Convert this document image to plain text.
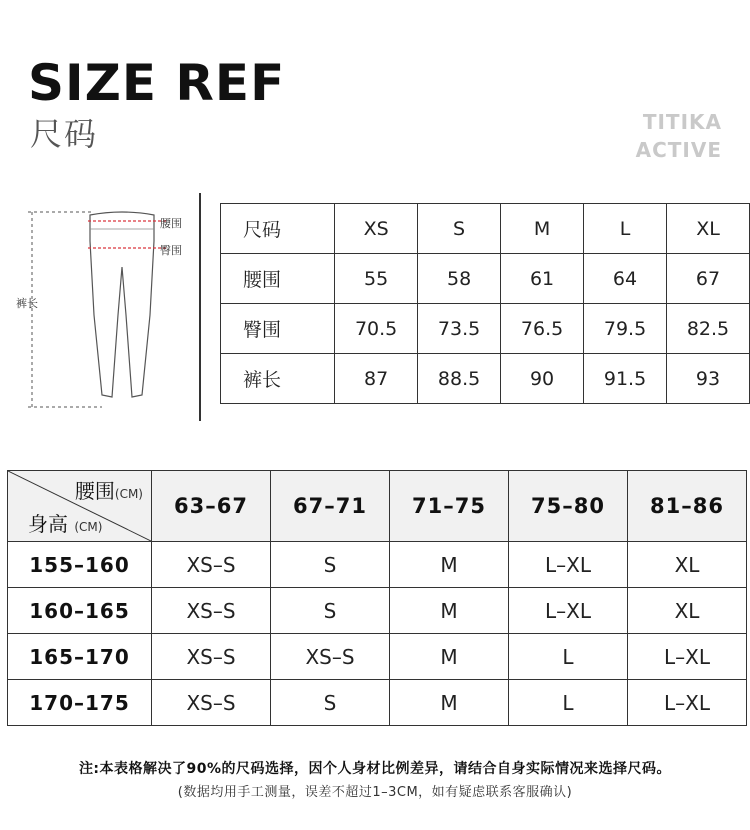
SIZE REF
尺码	TITIKA
ACTIVE
腰围
臀围
裤长
尺码	XS	S	M	L	XL
腰围	55	58	61	64	67
臀围	70.5	73.5	76.5	79.5	82.5
裤长	87	88.5	90	91.5	93
腰围(CM)
身高 (CM)	63–67	67–71	71–75	75–80	81–86
155–160	XS–S	S	M	L–XL	XL
160–165	XS–S	S	M	L–XL	XL
165–170	XS–S	XS–S	M	L	L–XL
170–175	XS–S	S	M	L	L–XL
注:本表格解决了90%的尺码选择，因个人身材比例差异，请结合自身实际情况来选择尺码。
(数据均用手工测量，误差不超过1–3CM，如有疑虑联系客服确认)
